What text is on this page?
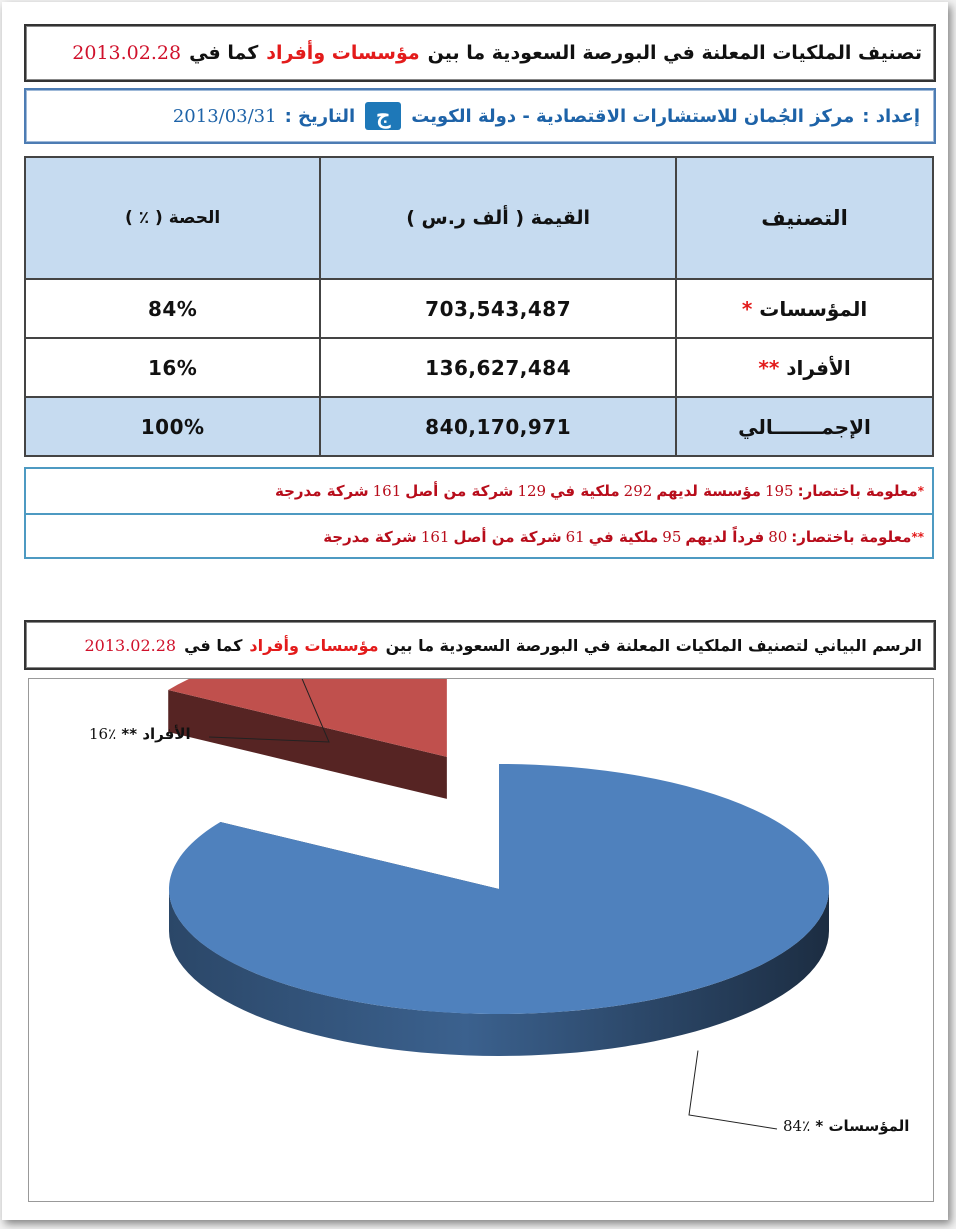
تصنيف الملكيات المعلنة في البورصة السعودية ما بين
مؤسسات وأفراد
كما في
2013.02.28
إعداد :
مركز الجُمان للاستشارات الاقتصادية - دولة الكويت
ج
التاريخ :
2013/03/31
التصنيف	القيمة ( ألف ر.س )	الحصة ( ٪ )
المؤسسات *	703,543,487	84%
الأفراد **	136,627,484	16%
الإجمـــــــالي	840,170,971	100%
*
معلومة باختصار:
195
مؤسسة لديهم
292
ملكية في
129
شركة من أصل
161
شركة مدرجة
**
معلومة باختصار:
80
فرداً لديهم
95
ملكية في
61
شركة من أصل
161
شركة مدرجة
الرسم البياني لتصنيف الملكيات المعلنة في البورصة السعودية ما بين
مؤسسات وأفراد
كما في
2013.02.28
الأفراد ** ٪16
المؤسسات * ٪84
